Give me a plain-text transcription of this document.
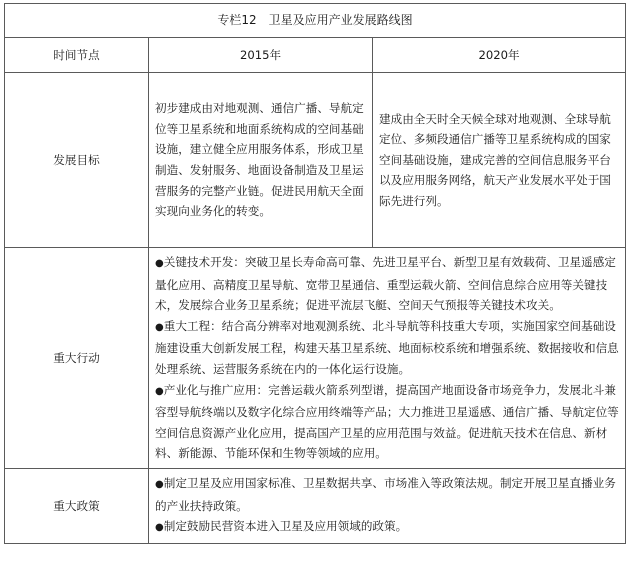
专栏12　卫星及应用产业发展路线图		
时间节点	2015年	2020年
发展目标	初步建成由对地观测、通信广播、导航定位等卫星系统和地面系统构成的空间基础设施，建立健全应用服务体系，形成卫星制造、发射服务、地面设备制造及卫星运营服务的完整产业链。促进民用航天全面实现向业务化的转变。	建成由全天时全天候全球对地观测、全球导航定位、多频段通信广播等卫星系统构成的国家空间基础设施，建成完善的空间信息服务平台以及应用服务网络，航天产业发展水平处于国际先进行列。
重大行动	● 关键技术开发：突破卫星长寿命高可靠、先进卫星平台、新型卫星有效载荷、卫星遥感定量化应用、高精度卫星导航、宽带卫星通信、重型运载火箭、空间信息综合应用等关键技术，发展综合业务卫星系统；促进平流层飞艇、空间天气预报等关键技术攻关。

● 重大工程：结合高分辨率对地观测系统、北斗导航等科技重大专项，实施国家空间基础设施建设重大创新发展工程，构建天基卫星系统、地面标校系统和增强系统、数据接收和信息处理系统、运营服务系统在内的一体化运行设施。

● 产业化与推广应用：完善运载火箭系列型谱，提高国产地面设备市场竞争力，发展北斗兼容型导航终端以及数字化综合应用终端等产品；大力推进卫星遥感、通信广播、导航定位等空间信息资源产业化应用，提高国产卫星的应用范围与效益。促进航天技术在信息、新材料、新能源、节能环保和生物等领域的应用。

重大政策	● 制定卫星及应用国家标准、卫星数据共享、市场准入等政策法规。制定开展卫星直播业务的产业扶持政策。

● 制定鼓励民营资本进入卫星及应用领域的政策。
